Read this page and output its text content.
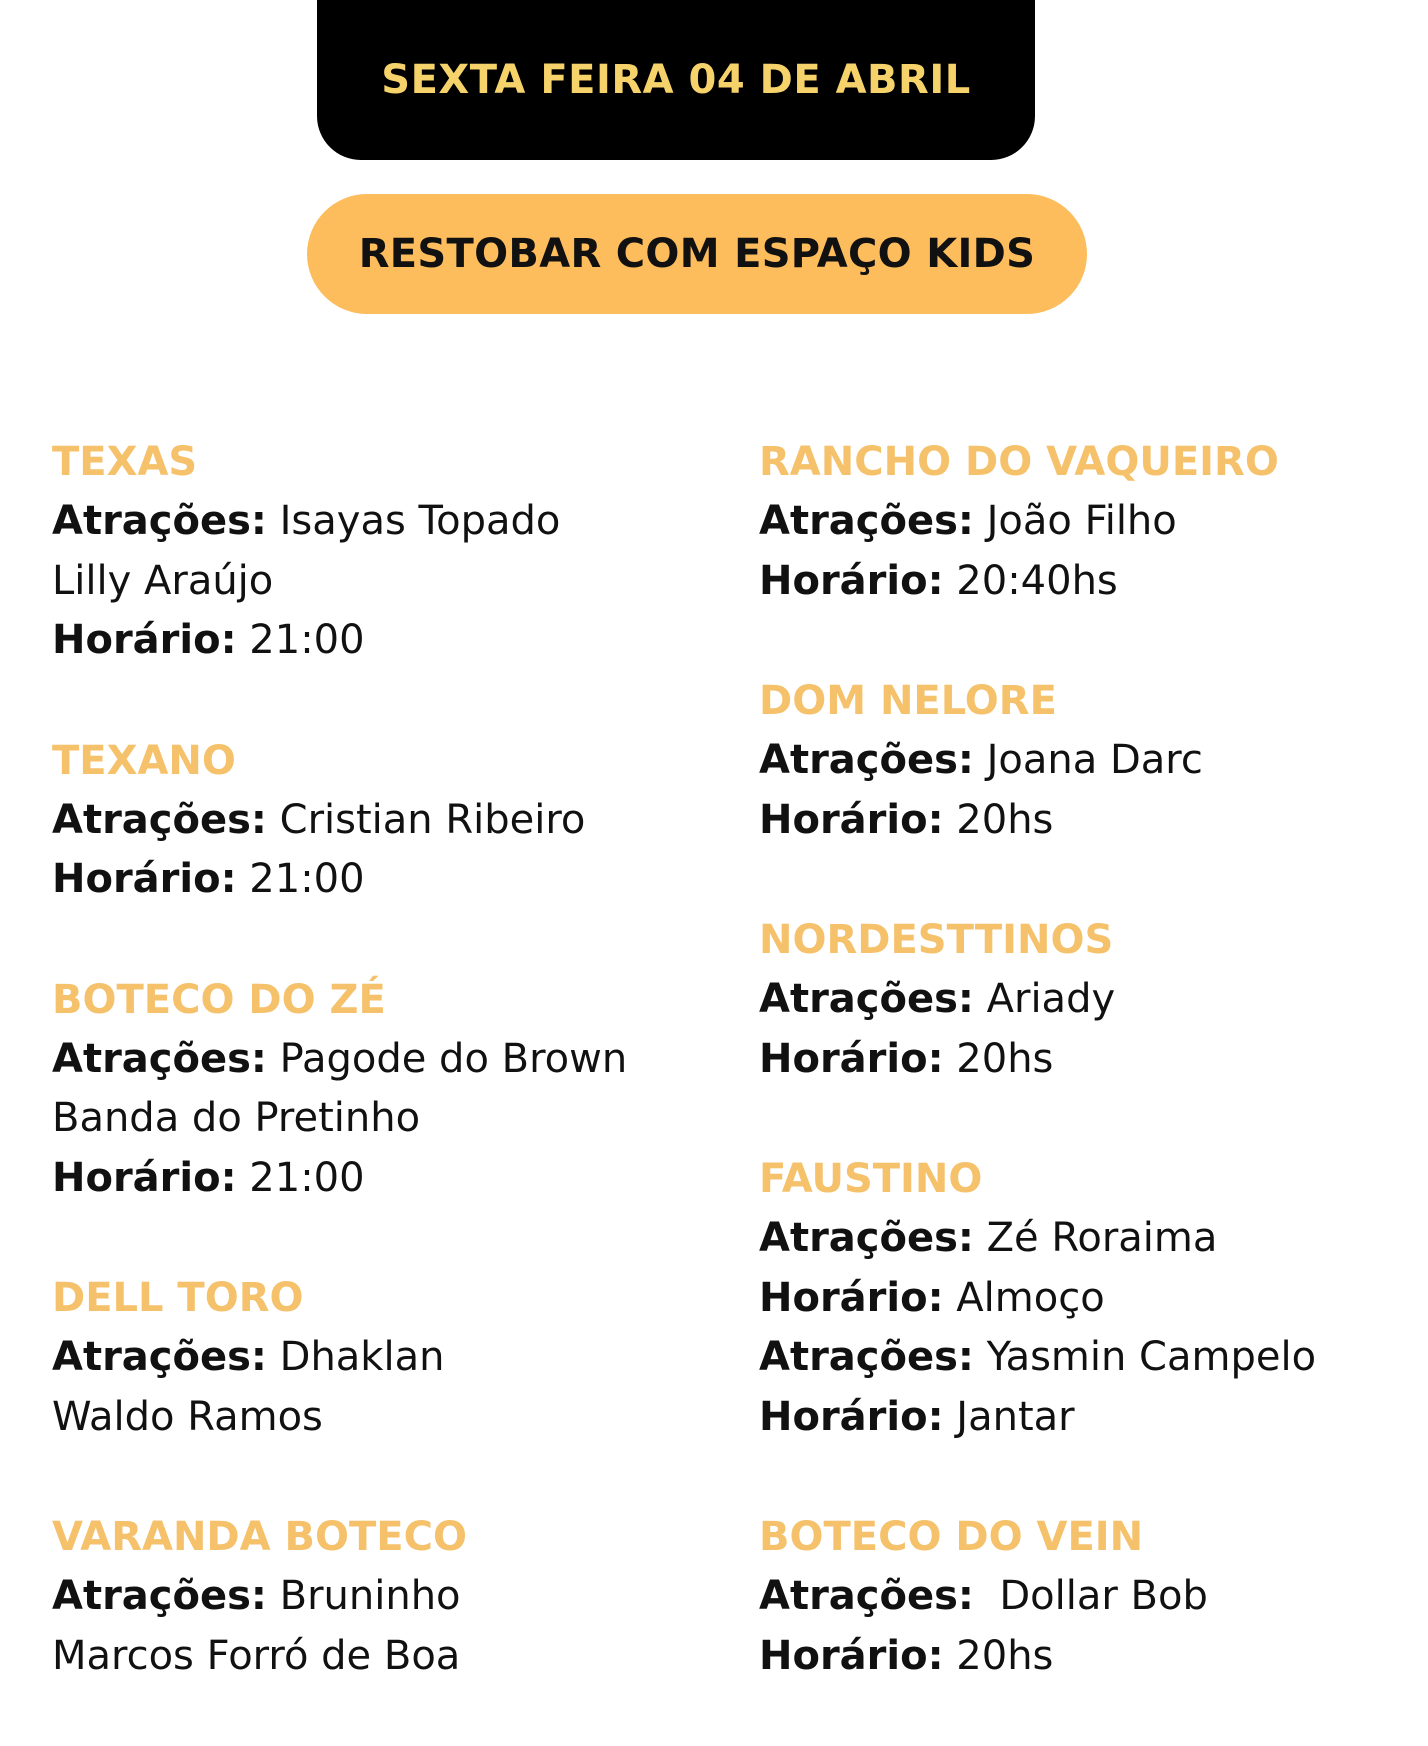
SEXTA FEIRA 04 DE ABRIL
RESTOBAR COM ESPAÇO KIDS
TEXAS
Atrações: Isayas Topado
Lilly Araújo
Horário: 21:00
TEXANO
Atrações: Cristian Ribeiro
Horário: 21:00
BOTECO DO ZÉ
Atrações: Pagode do Brown
Banda do Pretinho
Horário: 21:00
DELL TORO
Atrações: Dhaklan
Waldo Ramos
VARANDA BOTECO
Atrações: Bruninho
Marcos Forró de Boa
RANCHO DO VAQUEIRO
Atrações: João Filho
Horário: 20:40hs
DOM NELORE
Atrações: Joana Darc
Horário: 20hs
NORDESTTINOS
Atrações: Ariady
Horário: 20hs
FAUSTINO
Atrações: Zé Roraima
Horário: Almoço
Atrações: Yasmin Campelo
Horário: Jantar
BOTECO DO VEIN
Atrações:  Dollar Bob
Horário: 20hs
